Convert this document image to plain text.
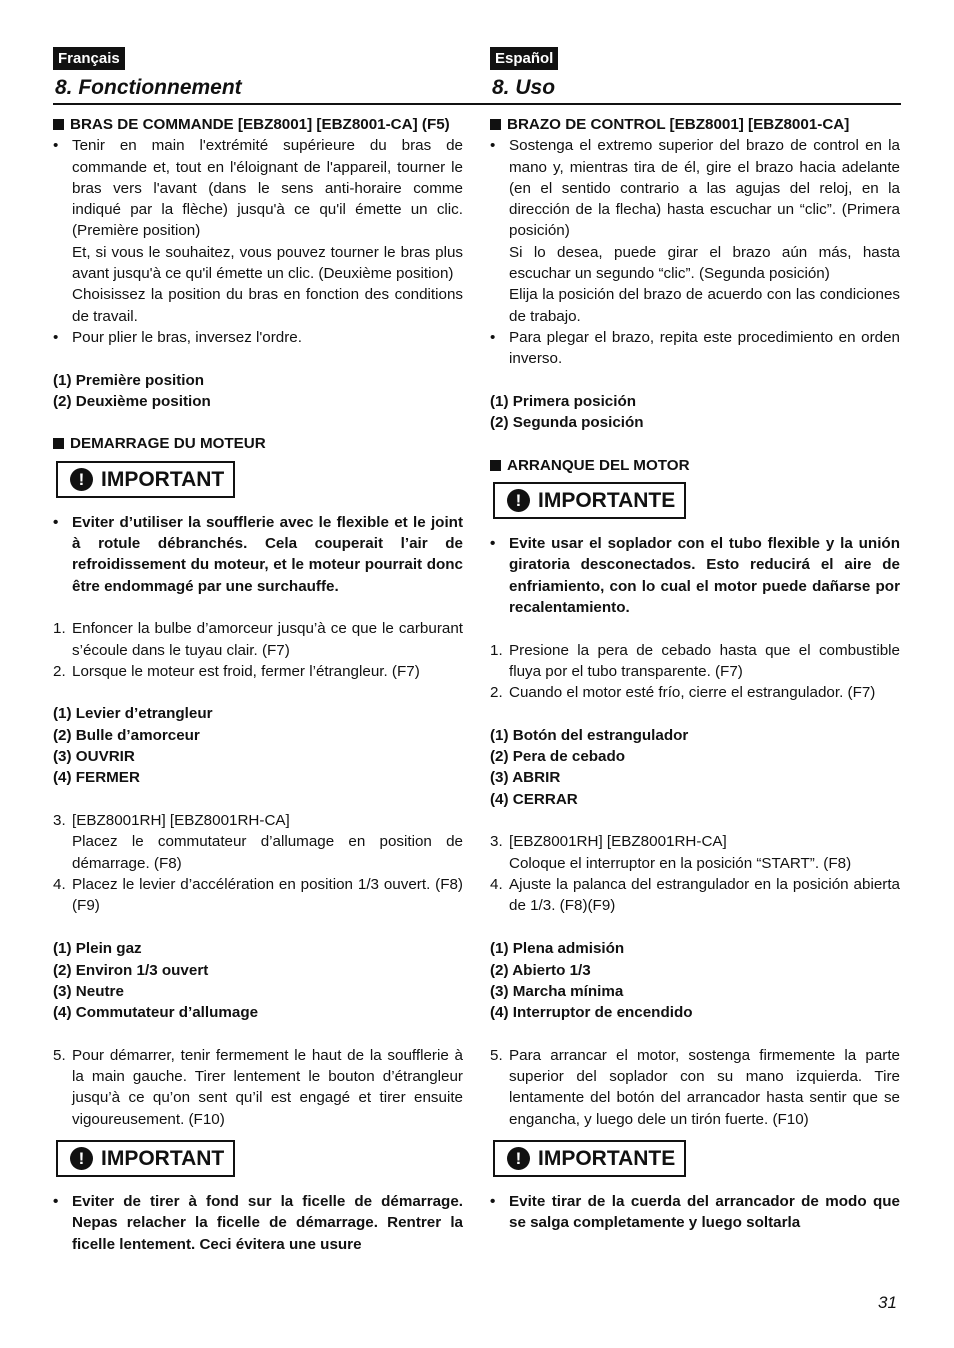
Français	Español
8. Fonctionnement	8. Uso
BRAS DE COMMANDE [EBZ8001] [EBZ8001-CA] (F5)
• Tenir en main l'extrémité supérieure du bras de commande et, tout en l'éloignant de l'appareil, tourner le bras vers l'avant (dans le sens anti-horaire comme indiqué par la flèche) jusqu'à ce qu'il émette un clic. (Première position)
Et, si vous le souhaitez, vous pouvez tourner le bras plus avant jusqu'à ce qu'il émette un clic. (Deuxième position)
Choisissez la position du bras en fonction des conditions de travail.
• Pour plier le bras, inversez l'ordre.
(1) Première position
(2) Deuxième position
DEMARRAGE DU MOTEUR
! IMPORTANT
• Eviter d’utiliser la soufflerie avec le flexible et le joint à rotule débranchés. Cela couperait l’air de refroidissement du moteur, et le moteur pourrait donc être endommagé par une surchauffe.
1. Enfoncer la bulbe d’amorceur jusqu’à ce que le carburant s’écoule dans le tuyau clair. (F7)
2. Lorsque le moteur est froid, fermer l’étrangleur. (F7)
(1) Levier d’etrangleur
(2) Bulle d’amorceur
(3) OUVRIR
(4) FERMER
3. [EBZ8001RH] [EBZ8001RH-CA]
Placez le commutateur d’allumage en position de démarrage. (F8)
4. Placez le levier d’accélération en position 1/3 ouvert. (F8)(F9)
(1) Plein gaz
(2) Environ 1/3 ouvert
(3) Neutre
(4) Commutateur d’allumage
5. Pour démarrer, tenir fermement le haut de la soufflerie à la main gauche. Tirer lentement le bouton d’étrangleur jusqu’à ce qu’on sent qu’il est engagé et tirer ensuite vigoureusement. (F10)
! IMPORTANT
• Eviter de tirer à fond sur la ficelle de démarrage. Nepas relacher la ficelle de démarrage. Rentrer la ficelle lentement. Ceci évitera une usure
BRAZO DE CONTROL [EBZ8001] [EBZ8001-CA]
• Sostenga el extremo superior del brazo de control en la mano y, mientras tira de él, gire el brazo hacia adelante (en el sentido contrario a las agujas del reloj, en la dirección de la flecha) hasta escuchar un “clic”. (Primera posición)
Si lo desea, puede girar el brazo aún más, hasta escuchar un segundo “clic”. (Segunda posición)
Elija la posición del brazo de acuerdo con las condiciones de trabajo.
• Para plegar el brazo, repita este procedimiento en orden inverso.
(1) Primera posición
(2) Segunda posición
ARRANQUE DEL MOTOR
! IMPORTANTE
• Evite usar el soplador con el tubo flexible y la unión giratoria desconectados. Esto reducirá el aire de enfriamiento, con lo cual el motor puede dañarse por recalentamiento.
1. Presione la pera de cebado hasta que el combustible fluya por el tubo transparente. (F7)
2. Cuando el motor esté frío, cierre el estrangulador. (F7)
(1) Botón del estrangulador
(2) Pera de cebado
(3) ABRIR
(4) CERRAR
3. [EBZ8001RH] [EBZ8001RH-CA]
Coloque el interruptor en la posición “START”. (F8)
4. Ajuste la palanca del estrangulador en la posición abierta de 1/3. (F8)(F9)
(1) Plena admisión
(2) Abierto 1/3
(3) Marcha mínima
(4) Interruptor de encendido
5. Para arrancar el motor, sostenga firmemente la parte superior del soplador con su mano izquierda. Tire lentamente del botón del arrancador hasta sentir que se engancha, y luego dele un tirón fuerte. (F10)
! IMPORTANTE
• Evite tirar de la cuerda del arrancador de modo que se salga completamente y luego soltarla
31
